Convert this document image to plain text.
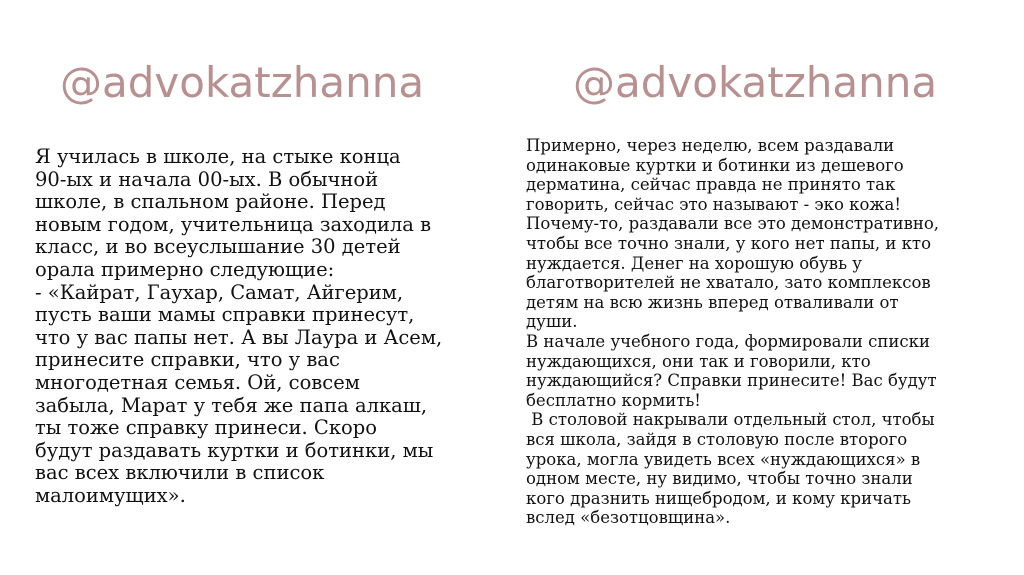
@advokatzhanna	@advokatzhanna
Я училась в школе, на стыке конца
90-ых и начала 00-ых. В обычной
школе, в спальном районе. Перед
новым годом, учительница заходила в
класс, и во всеуслышание 30 детей
орала примерно следующие:
- «Кайрат, Гаухар, Самат, Айгерим,
пусть ваши мамы справки принесут,
что у вас папы нет. А вы Лаура и Асем,
принесите справки, что у вас
многодетная семья. Ой, совсем
забыла, Марат у тебя же папа алкаш,
ты тоже справку принеси. Скоро
будут раздавать куртки и ботинки, мы
вас всех включили в список
малоимущих».
Примерно, через неделю, всем раздавали
одинаковые куртки и ботинки из дешевого
дерматина, сейчас правда не принято так
говорить, сейчас это называют - эко кожа!
Почему-то, раздавали все это демонстративно,
чтобы все точно знали, у кого нет папы, и кто
нуждается. Денег на хорошую обувь у
благотворителей не хватало, зато комплексов
детям на всю жизнь вперед отваливали от
души.
В начале учебного года, формировали списки
нуждающихся, они так и говорили, кто
нуждающийся? Справки принесите! Вас будут
бесплатно кормить!
В столовой накрывали отдельный стол, чтобы
вся школа, зайдя в столовую после второго
урока, могла увидеть всех «нуждающихся» в
одном месте, ну видимо, чтобы точно знали
кого дразнить нищебродом, и кому кричать
вслед «безотцовщина».
